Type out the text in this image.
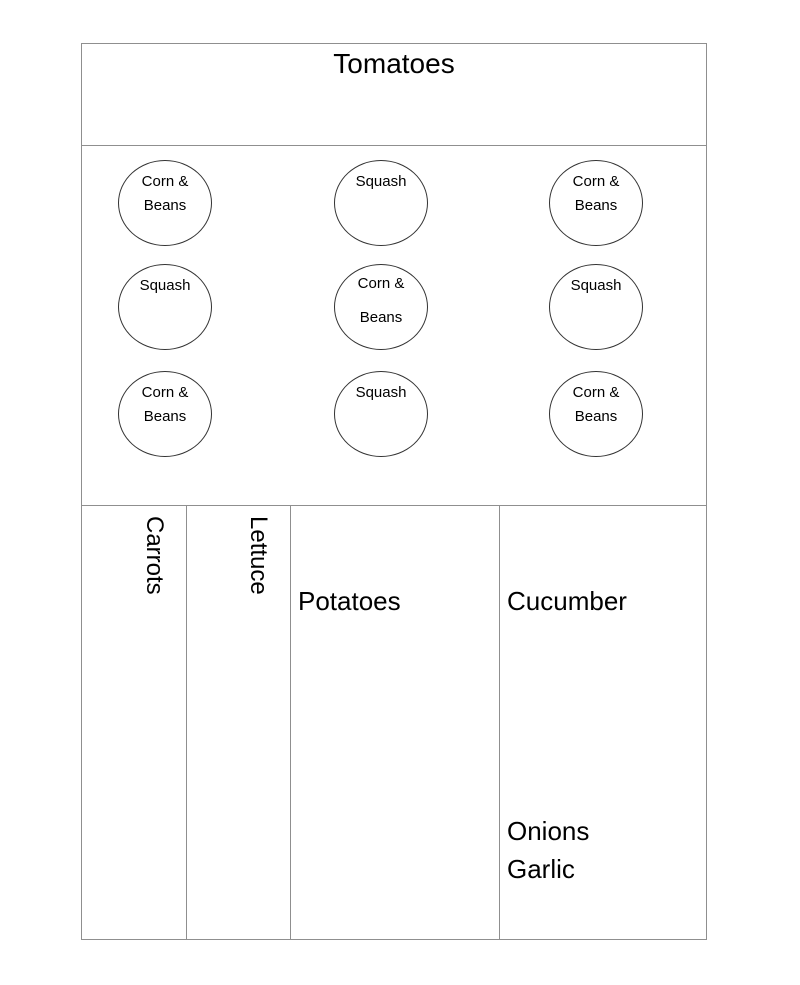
Tomatoes
Corn & Beans
Squash	Corn & Beans
Squash	Corn & Beans
Squash
Corn & Beans
Squash	Corn & Beans
Carrots	Lettuce
Potatoes	Cucumber
Onions
Garlic
